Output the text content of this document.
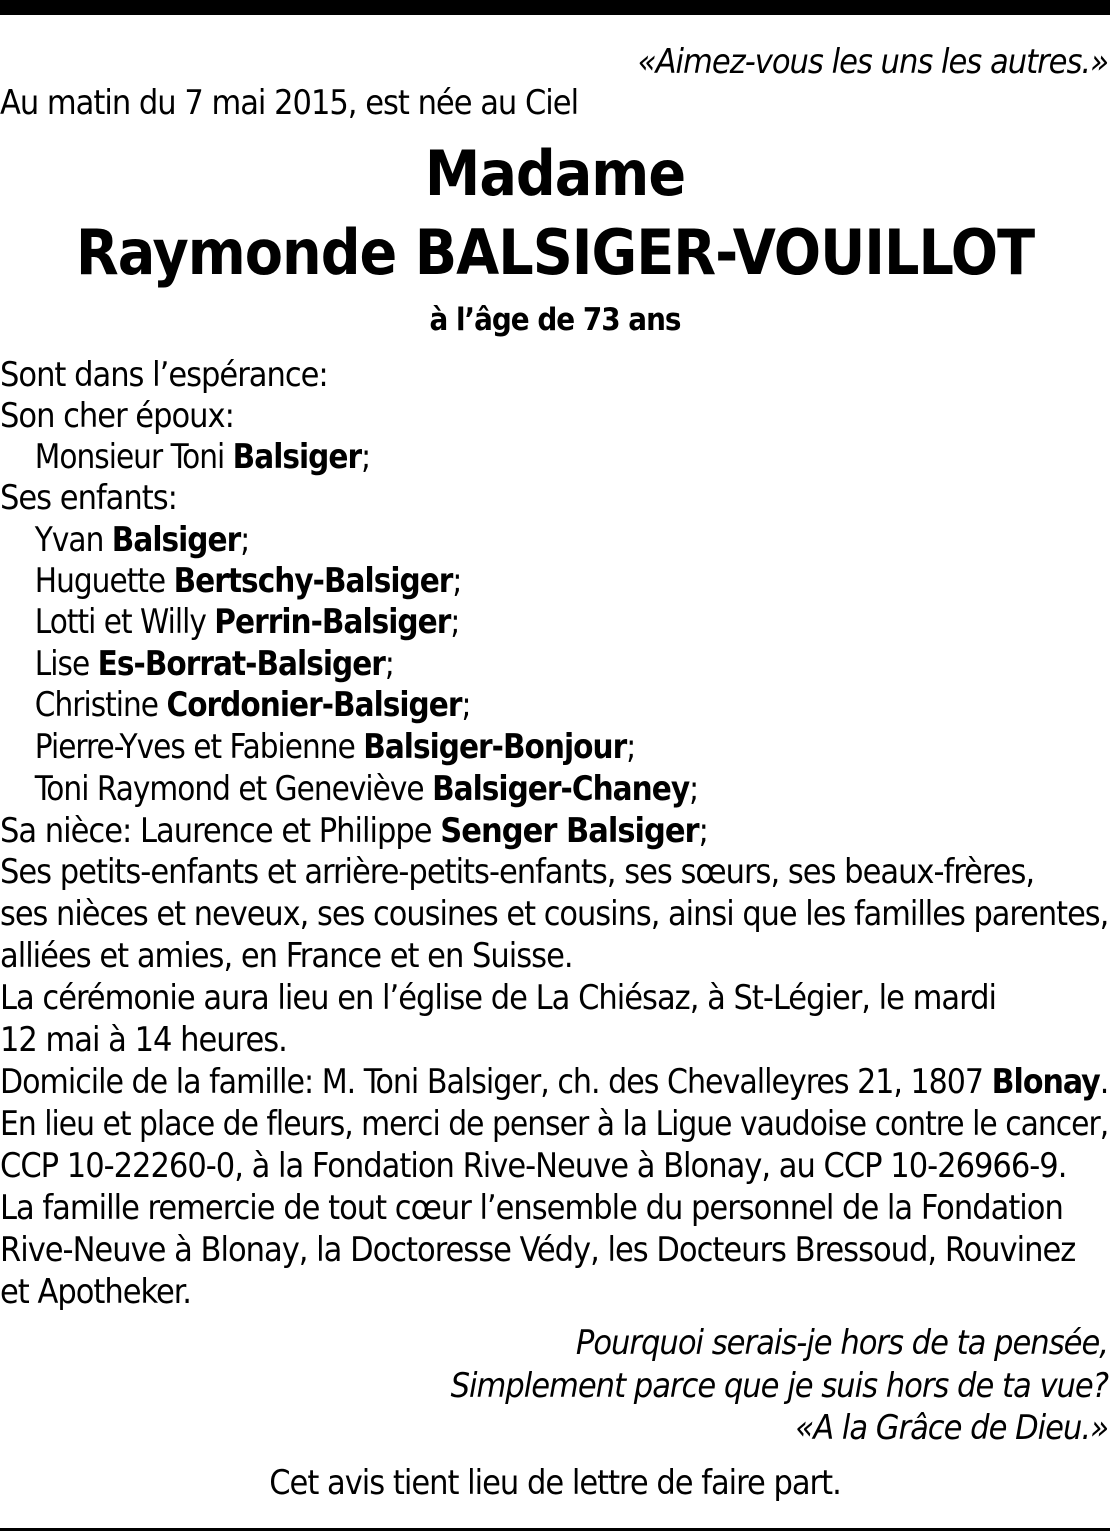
«Aimez-vous les uns les autres.»
Au matin du 7 mai 2015, est née au Ciel
Madame
Raymonde BALSIGER-VOUILLOT
à l’âge de 73 ans
Sont dans l’espérance:
Son cher époux:
Monsieur Toni Balsiger;
Ses enfants:
Yvan Balsiger;
Huguette Bertschy-Balsiger;
Lotti et Willy Perrin-Balsiger;
Lise Es-Borrat-Balsiger;
Christine Cordonier-Balsiger;
Pierre-Yves et Fabienne Balsiger-Bonjour;
Toni Raymond et Geneviève Balsiger-Chaney;
Sa nièce: Laurence et Philippe Senger Balsiger;
Ses petits-enfants et arrière-petits-enfants, ses sœurs, ses beaux-frères,
ses nièces et neveux, ses cousines et cousins, ainsi que les familles parentes,
alliées et amies, en France et en Suisse.
La cérémonie aura lieu en l’église de La Chiésaz, à St-Légier, le mardi
12 mai à 14 heures.
Domicile de la famille: M. Toni Balsiger, ch. des Chevalleyres 21, 1807 Blonay.
En lieu et place de fleurs, merci de penser à la Ligue vaudoise contre le cancer,
CCP 10-22260-0, à la Fondation Rive-Neuve à Blonay, au CCP 10-26966-9.
La famille remercie de tout cœur l’ensemble du personnel de la Fondation
Rive-Neuve à Blonay, la Doctoresse Védy, les Docteurs Bressoud, Rouvinez
et Apotheker.
Pourquoi serais-je hors de ta pensée,
Simplement parce que je suis hors de ta vue?
«A la Grâce de Dieu.»
Cet avis tient lieu de lettre de faire part.
